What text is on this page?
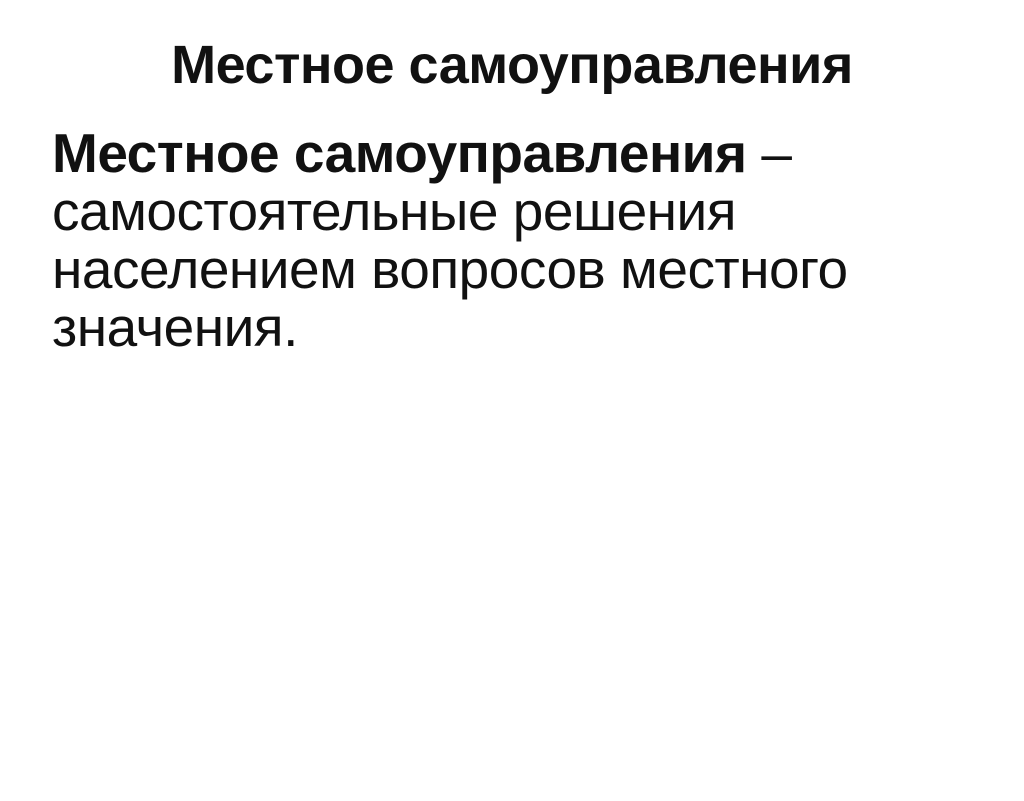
Местное самоуправления

Местное самоуправления – самостоятельные решения населением вопросов местного значения.
